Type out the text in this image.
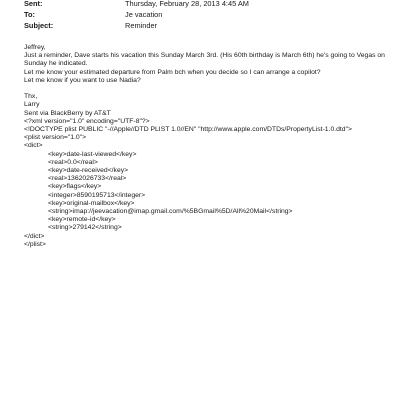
Sent:	Thursday, February 28, 2013 4:45 AM
To:	Je vacation
Subject:	Reminder
Jeffrey,
Just a reminder, Dave starts his vacation this Sunday March 3rd. (His 60th birthday is March 6th) he's going to Vegas on
Sunday he indicated.
Let me know your estimated departure from Palm bch when you decide so I can arrange a copilot?
Let me know if you want to use Nadia?
Thx,
Larry
Sent via BlackBerry by AT&T
<?xml version="1.0" encoding="UTF-8"?>
<!DOCTYPE plist PUBLIC "-//Apple//DTD PLIST 1.0//EN" "http://www.apple.com/DTDs/PropertyList-1.0.dtd">
<plist version="1.0">
<dict>
<key>date-last-viewed</key>
<real>0.0</real>
<key>date-received</key>
<real>1362026733</real>
<key>flags</key>
<integer>8590195713</integer>
<key>original-mailbox</key>
<string>imap://jeevacation@imap.gmail.com/%5BGmail%5D/All%20Mail</string>
<key>remote-id</key>
<string>279142</string>
</dict>
</plist>
